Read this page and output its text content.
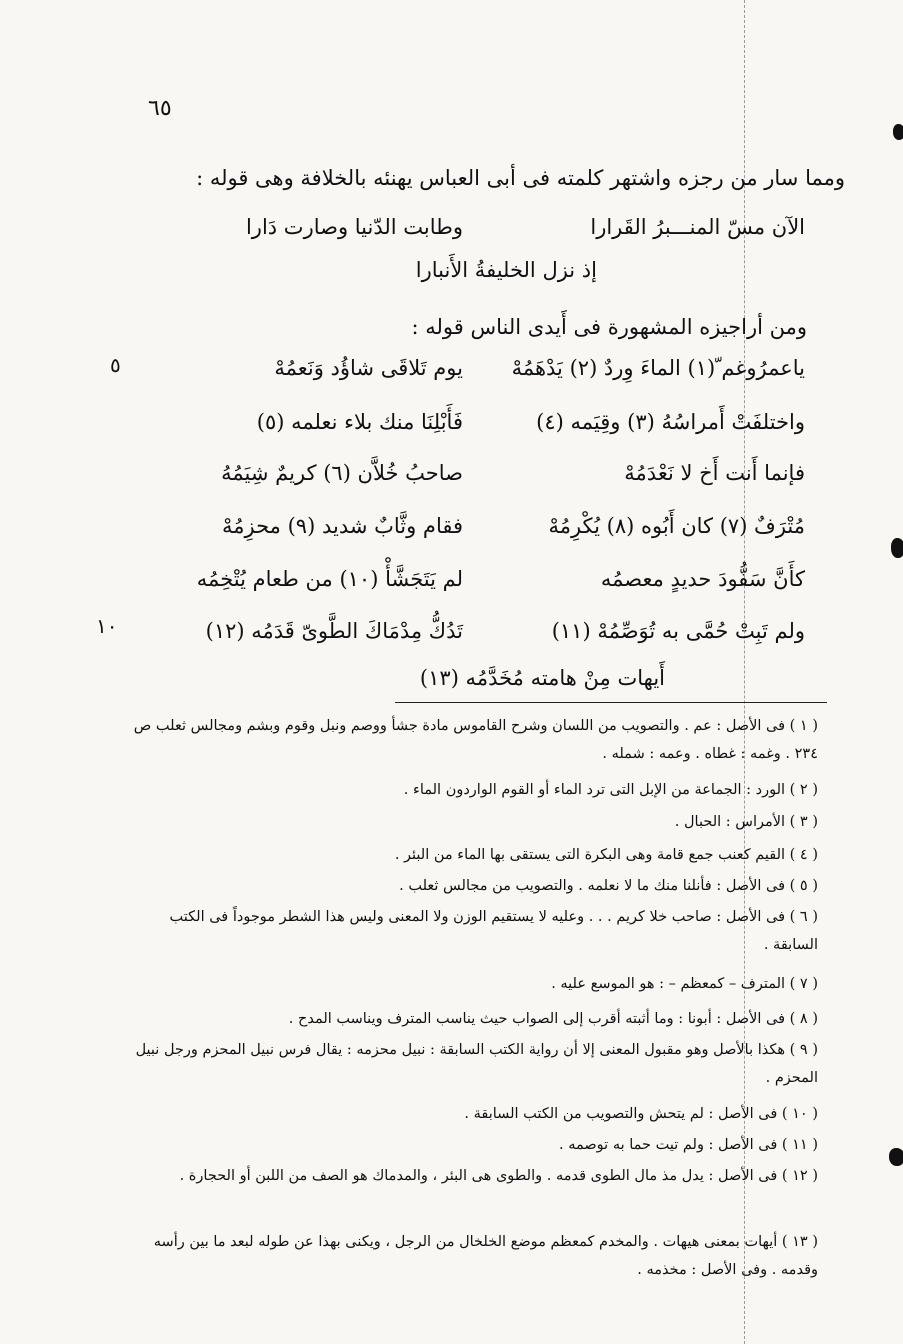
٦٥
ومما سار من رجزه واشتهر كلمته فى أبى العباس يهنئه بالخلافة وهى قوله :
الآن مسّ المنـــبرُ القَرارا
وطابت الدّنيا وصارت دَارا
إذ نزل الخليفةُ الأَنبارا
ومن أراجيزه المشهورة فى أَيدى الناس قوله :
٥
١٠
ياعمرُوغم ّ(١) الماءَ وِردٌ (٢) يَدْهَمُهْ
يوم تَلاقَى شاؤُد وَنَعمُهْ
واختلفَتْ أَمراسُهُ (٣) وقِيَمه (٤)
فَأَبْلِنَا منك بلاء نعلمه (٥)
فإنما أَنت أَخ لا نَعْدَمُهْ
صاحبُ خُلاَّن (٦) كريمٌ شِيَمُهُ
مُتْرَفٌ (٧) كان أَبُوه (٨) يُكْرِمُهْ
فقام وثَّابٌ شديد (٩) محزِمُهْ
كأَنَّ سَفُّودَ حديدٍ معصمُه
لم يَتَجَشَّأْ (١٠) من طعام يُتْخِمُه
ولم تَبِتْ حُمَّى به تُوَصِّمُهْ (١١)
تَدُكُّ مِدْمَاكَ الطَّوىّ قَدَمُه (١٢)
أَيهات مِنْ هامته مُخَدَّمُه (١٣)

( ١ ) فى الأصل : عم . والتصويب من اللسان وشرح القاموس مادة جشأ ووصم ونبل وقوم وبشم ومجالس ثعلب ص ٢٣٤ . وغمه : غطاه . وعمه : شمله .

( ٢ ) الورد : الجماعة من الإبل التى ترد الماء أو القوم الواردون الماء .

( ٣ ) الأمراس : الحبال .

( ٤ ) القيم كعنب جمع قامة وهى البكرة التى يستقى بها الماء من البئر .

( ٥ ) فى الأصل : فأنلنا منك ما لا نعلمه . والتصويب من مجالس ثعلب .

( ٦ ) فى الأصل : صاحب خلا كريم . . . وعليه لا يستقيم الوزن ولا المعنى وليس هذا الشطر موجوداً فى الكتب السابقة .

( ٧ ) المترف – كمعظم – : هو الموسع عليه .

( ٨ ) فى الأصل : أبونا : وما أثبته أقرب إلى الصواب حيث يناسب المترف ويناسب المدح .

( ٩ ) هكذا بالأصل وهو مقبول المعنى إلا أن رواية الكتب السابقة : نبيل محزمه : يقال فرس نبيل المحزم ورجل نبيل المحزم .

( ١٠ ) فى الأصل : لم يتحش والتصويب من الكتب السابقة .

( ١١ ) فى الأصل : ولم تيت حما به توصمه .

( ١٢ ) فى الأصل : يدل مذ مال الطوى قدمه . والطوى هى البئر ، والمدماك هو الصف من اللبن أو الحجارة .

( ١٣ ) أيهات بمعنى هيهات . والمخدم كمعظم موضع الخلخال من الرجل ، ويكنى بهذا عن طوله لبعد ما بين رأسه وقدمه . وفى الأصل : مخذمه .
